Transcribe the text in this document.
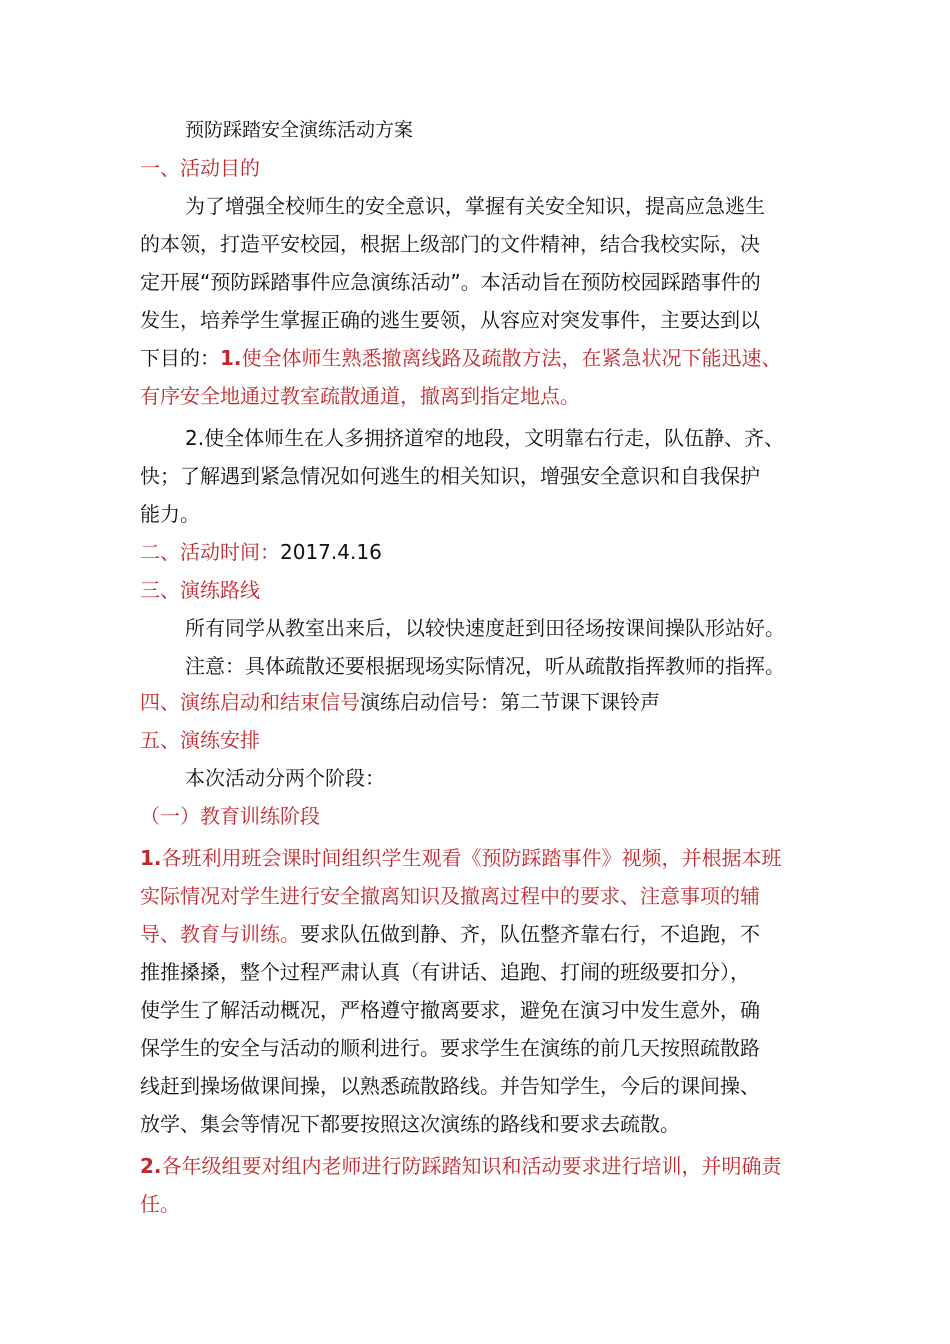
预防踩踏安全演练活动方案
一、活动目的
为了增强全校师生的安全意识，掌握有关安全知识，提高应急逃生
的本领，打造平安校园，根据上级部门的文件精神，结合我校实际，决
定开展“预防踩踏事件应急演练活动”。本活动旨在预防校园踩踏事件的
发生，培养学生掌握正确的逃生要领，从容应对突发事件，主要达到以
下目的：1.使全体师生熟悉撤离线路及疏散方法，在紧急状况下能迅速、
有序安全地通过教室疏散通道，撤离到指定地点。
2.使全体师生在人多拥挤道窄的地段，文明靠右行走，队伍静、齐、
快；了解遇到紧急情况如何逃生的相关知识，增强安全意识和自我保护
能力。
二、活动时间：2017.4.16
三、演练路线
所有同学从教室出来后，以较快速度赶到田径场按课间操队形站好。
注意：具体疏散还要根据现场实际情况，听从疏散指挥教师的指挥。
四、演练启动和结束信号演练启动信号：第二节课下课铃声
五、演练安排
本次活动分两个阶段：
（一）教育训练阶段
1.各班利用班会课时间组织学生观看《预防踩踏事件》视频，并根据本班
实际情况对学生进行安全撤离知识及撤离过程中的要求、注意事项的辅
导、教育与训练。要求队伍做到静、齐，队伍整齐靠右行，不追跑，不
推推搡搡，整个过程严肃认真（有讲话、追跑、打闹的班级要扣分），
使学生了解活动概况，严格遵守撤离要求，避免在演习中发生意外，确
保学生的安全与活动的顺利进行。要求学生在演练的前几天按照疏散路
线赶到操场做课间操，以熟悉疏散路线。并告知学生，今后的课间操、
放学、集会等情况下都要按照这次演练的路线和要求去疏散。
2.各年级组要对组内老师进行防踩踏知识和活动要求进行培训，并明确责
任。
